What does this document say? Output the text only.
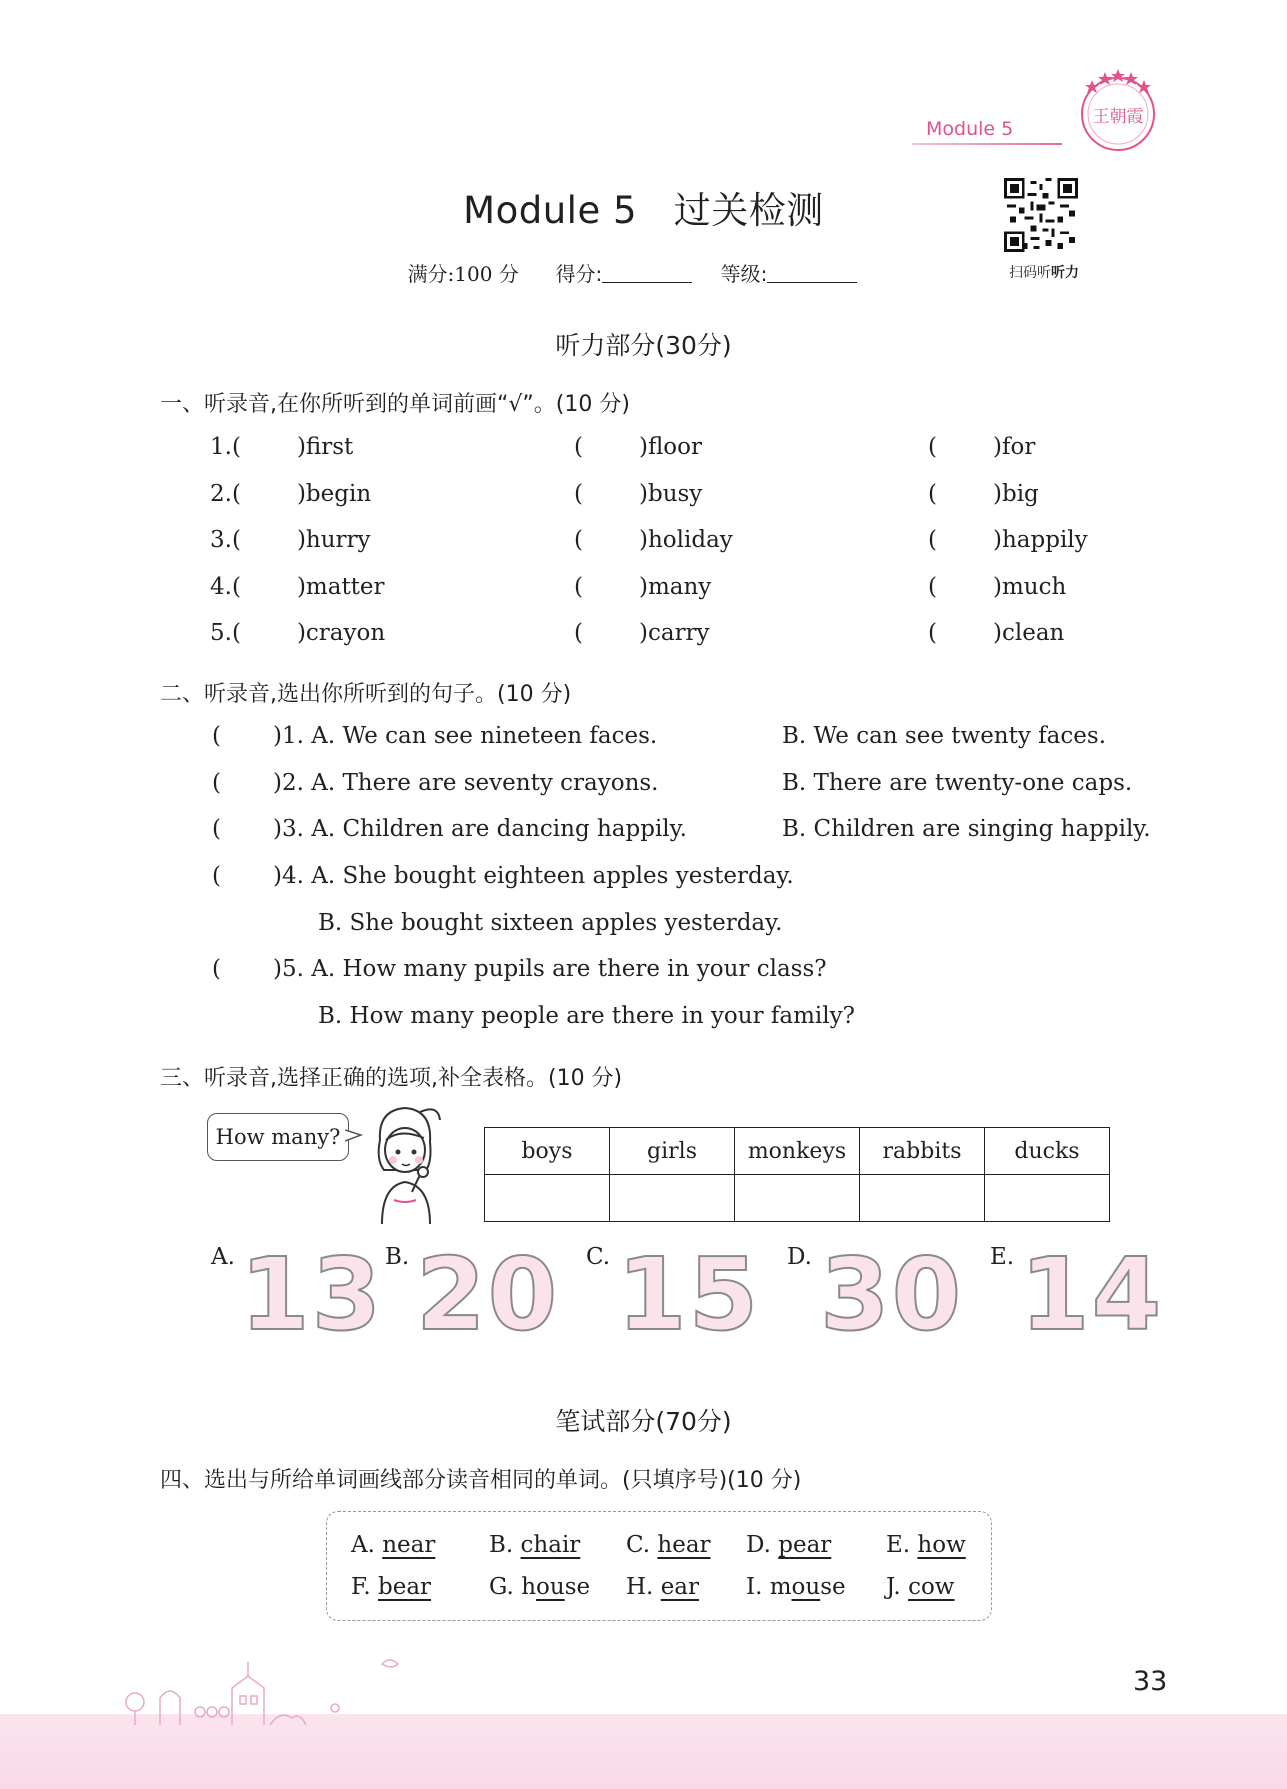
Module 5
王朝霞
Module 5   过关检测
扫码听听力
满分:100 分 得分:	等级:
听力部分(30分)
一、听录音,在你所听到的单词前画“√”。(10 分)
1.( )first	( )floor	( )for
2.( )begin	( )busy	( )big
3.( )hurry	( )holiday	( )happily
4.( )matter	( )many	( )much
5.( )crayon	( )carry	( )clean
二、听录音,选出你所听到的句子。(10 分)
( )1. A. We can see nineteen faces.	B. We can see twenty faces.
( )2. A. There are seventy crayons.	B. There are twenty-one caps.
( )3. A. Children are dancing happily.	B. Children are singing happily.
( )4. A. She bought eighteen apples yesterday.
B. She bought sixteen apples yesterday.
( )5. A. How many pupils are there in your class?
B. How many people are there in your family?
三、听录音,选择正确的选项,补全表格。(10 分)
How many?
boys	girls	monkeys	rabbits	ducks

A. 13 B. 20 C. 15 D. 30 E. 14
笔试部分(70分)
四、选出与所给单词画线部分读音相同的单词。(只填序号)(10 分)
A. near B. chair C. hear D. pear E. how
F. bear	G. house H. ear I. mouse J. cow
33
